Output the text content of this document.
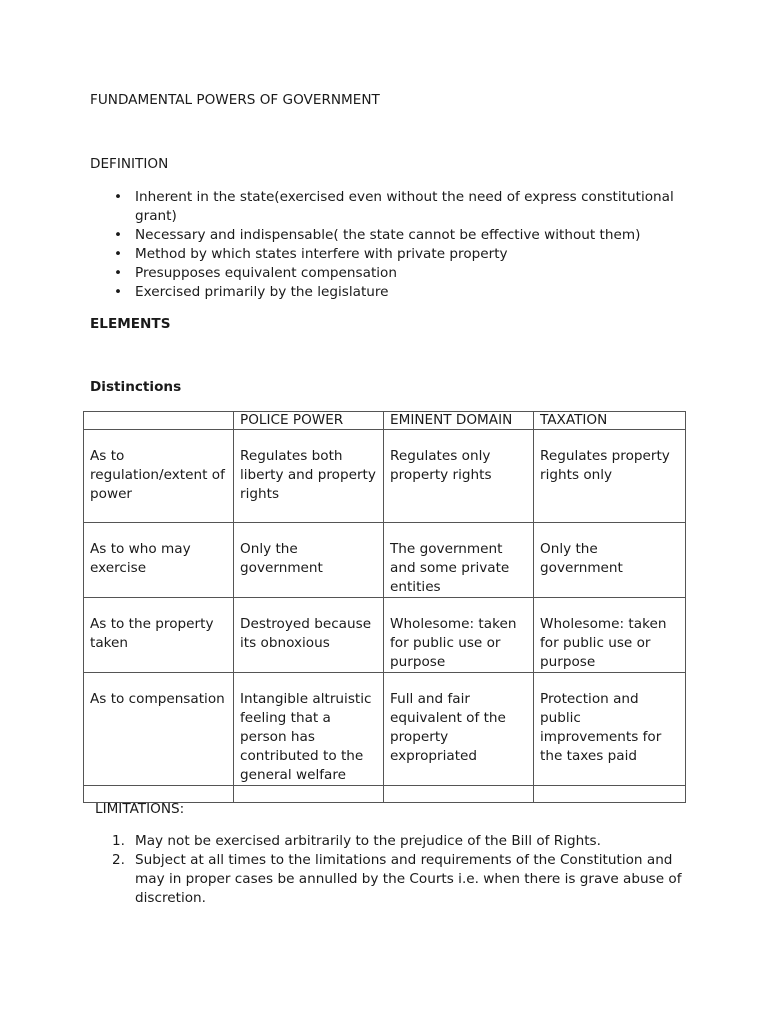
FUNDAMENTAL POWERS OF GOVERNMENT
DEFINITION
• Inherent in the state(exercised even without the need of express constitutional grant)
• Necessary and indispensable( the state cannot be effective without them)
• Method by which states interfere with private property
• Presupposes equivalent compensation
• Exercised primarily by the legislature
ELEMENTS
Distinctions
	POLICE POWER	EMINENT DOMAIN	TAXATION
As to regulation/extent of power	Regulates both liberty and property rights	Regulates only property rights	Regulates property rights only
As to who may exercise	Only the government	The government and some private entities	Only the government
As to the property taken	Destroyed because its obnoxious	Wholesome: taken for public use or purpose	Wholesome: taken for public use or purpose
As to compensation	Intangible altruistic feeling that a person has contributed to the general welfare	Full and fair equivalent of the property expropriated	Protection and public improvements for the taxes paid

LIMITATIONS:
1. May not be exercised arbitrarily to the prejudice of the Bill of Rights.
2. Subject at all times to the limitations and requirements of the Constitution and may in proper cases be annulled by the Courts i.e. when there is grave abuse of discretion.
